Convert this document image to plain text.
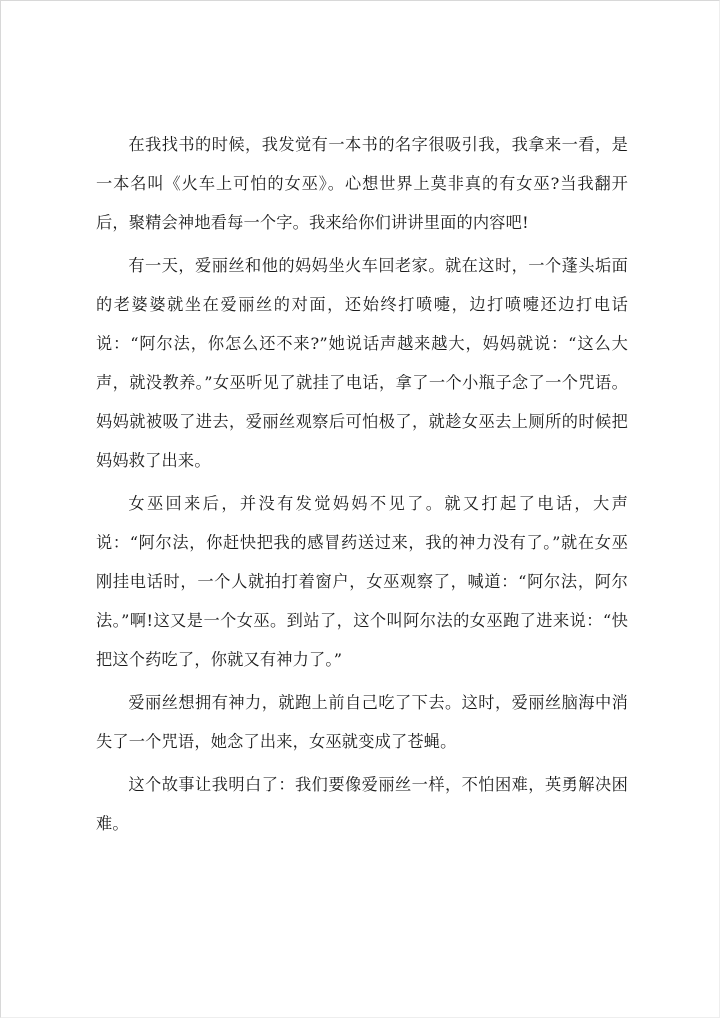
在我找书的时候，我发觉有一本书的名字很吸引我，我拿来一看，是一本名叫《火车上可怕的女巫》。心想世界上莫非真的有女巫?当我翻开后，聚精会神地看每一个字。我来给你们讲讲里面的内容吧!

有一天，爱丽丝和他的妈妈坐火车回老家。就在这时，一个蓬头垢面的老婆婆就坐在爱丽丝的对面，还始终打喷嚏，边打喷嚏还边打电话说：“阿尔法，你怎么还不来?”她说话声越来越大，妈妈就说：“这么大声，就没教养。”女巫听见了就挂了电话，拿了一个小瓶子念了一个咒语。妈妈就被吸了进去，爱丽丝观察后可怕极了，就趁女巫去上厕所的时候把妈妈救了出来。

女巫回来后，并没有发觉妈妈不见了。就又打起了电话，大声说：“阿尔法，你赶快把我的感冒药送过来，我的神力没有了。”就在女巫刚挂电话时，一个人就拍打着窗户，女巫观察了，喊道：“阿尔法，阿尔法。”啊!这又是一个女巫。到站了，这个叫阿尔法的女巫跑了进来说：“快把这个药吃了，你就又有神力了。”

爱丽丝想拥有神力，就跑上前自己吃了下去。这时，爱丽丝脑海中消失了一个咒语，她念了出来，女巫就变成了苍蝇。

这个故事让我明白了：我们要像爱丽丝一样，不怕困难，英勇解决困难。
